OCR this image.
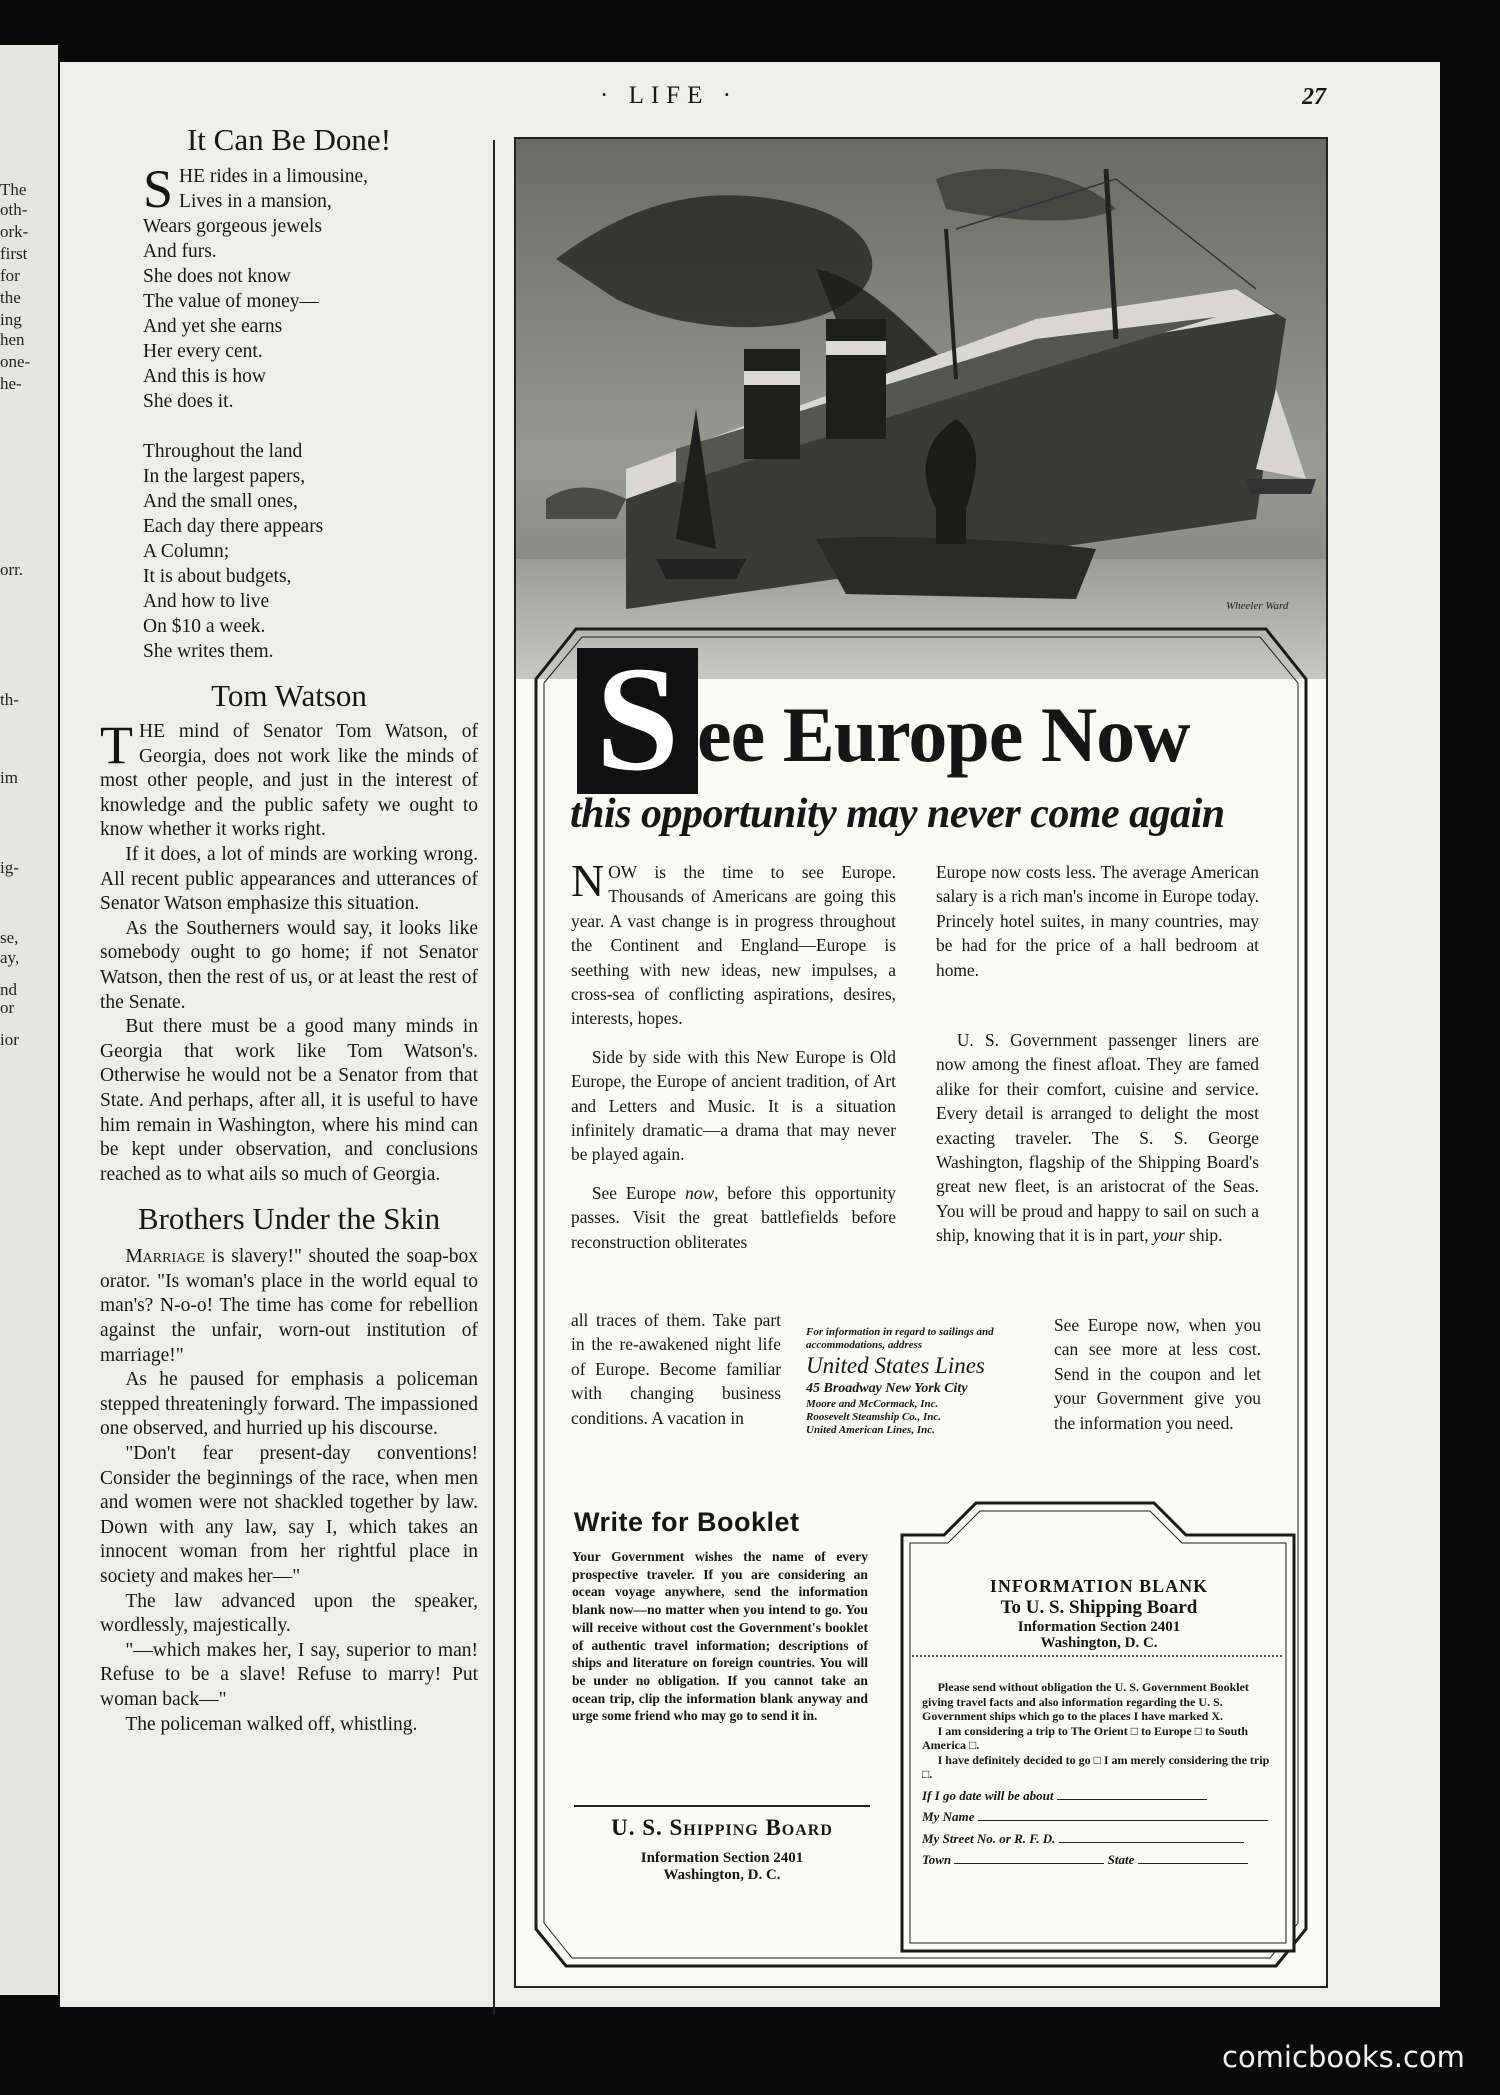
The
oth-
ork-
first
for
the
ing
hen
one-
he-
orr.
th-
im
ig-
se,
ay,
nd
or
ior
· LIFE ·	27
It Can Be Done!
S HE rides in a limousine,
Lives in a mansion,
Wears gorgeous jewels
And furs.
She does not know
The value of money—
And yet she earns
Her every cent.
And this is how
She does it.
Throughout the land
In the largest papers,
And the small ones,
Each day there appears
A Column;
It is about budgets,
And how to live
On $10 a week.
She writes them.
Tom Watson

THE mind of Senator Tom Watson, of Georgia, does not work like the minds of most other people, and just in the interest of knowledge and the public safety we ought to know whether it works right.

If it does, a lot of minds are working wrong. All recent public appearances and utterances of Senator Watson emphasize this situation.

As the Southerners would say, it looks like somebody ought to go home; if not Senator Watson, then the rest of us, or at least the rest of the Senate.

But there must be a good many minds in Georgia that work like Tom Watson's. Otherwise he would not be a Senator from that State. And perhaps, after all, it is useful to have him remain in Washington, where his mind can be kept under observation, and conclusions reached as to what ails so much of Georgia.

Brothers Under the Skin

Marriage is slavery!" shouted the soap-box orator. "Is woman's place in the world equal to man's? N-o-o! The time has come for rebellion against the unfair, worn-out institution of marriage!"

As he paused for emphasis a policeman stepped threateningly forward. The impassioned one observed, and hurried up his discourse.

"Don't fear present-day conventions! Consider the beginnings of the race, when men and women were not shackled together by law. Down with any law, say I, which takes an innocent woman from her rightful place in society and makes her—"

The law advanced upon the speaker, wordlessly, majestically.

"—which makes her, I say, superior to man! Refuse to be a slave! Refuse to marry! Put woman back—"

The policeman walked off, whistling.

Wheeler Ward
S ee Europe Now
this opportunity may never come again

NOW is the time to see Europe. Thousands of Americans are going this year. A vast change is in progress throughout the Continent and England—Europe is seething with new ideas, new impulses, a cross-sea of conflicting aspirations, desires, interests, hopes.

Side by side with this New Europe is Old Europe, the Europe of ancient tradition, of Art and Letters and Music. It is a situation infinitely dramatic—a drama that may never be played again.

See Europe now, before this opportunity passes. Visit the great battlefields before reconstruction obliterates

all traces of them. Take part in the re-awakened night life of Europe. Become familiar with changing business conditions. A vacation in

Europe now costs less. The average American salary is a rich man's income in Europe today. Princely hotel suites, in many countries, may be had for the price of a hall bedroom at home.

U. S. Government passenger liners are now among the finest afloat. They are famed alike for their comfort, cuisine and service. Every detail is arranged to delight the most exacting traveler. The S. S. George Washington, flagship of the Shipping Board's great new fleet, is an aristocrat of the Seas. You will be proud and happy to sail on such a ship, knowing that it is in part, your ship.

See Europe now, when you can see more at less cost. Send in the coupon and let your Government give you the information you need.
For information in regard to sailings and accommodations, address
United States Lines
45 Broadway New York City
Moore and McCormack, Inc.
Roosevelt Steamship Co., Inc.
United American Lines, Inc.
Write for Booklet
Your Government wishes the name of every prospective traveler. If you are considering an ocean voyage anywhere, send the information blank now—no matter when you intend to go. You will receive without cost the Government's booklet of authentic travel information; descriptions of ships and literature on foreign countries. You will be under no obligation. If you cannot take an ocean trip, clip the information blank anyway and urge some friend who may go to send it in.
U. S. Shipping Board
Information Section 2401
Washington, D. C.
INFORMATION BLANK
To U. S. Shipping Board
Information Section 2401
Washington, D. C.

Please send without obligation the U. S. Government Booklet giving travel facts and also information regarding the U. S. Government ships which go to the places I have marked X.

I am considering a trip to The Orient □ to Europe □ to South America □.

I have definitely decided to go □ I am merely considering the trip □.

If I go date will be about
My Name
My Street No. or R. F. D.
Town	State
comicbooks.com
